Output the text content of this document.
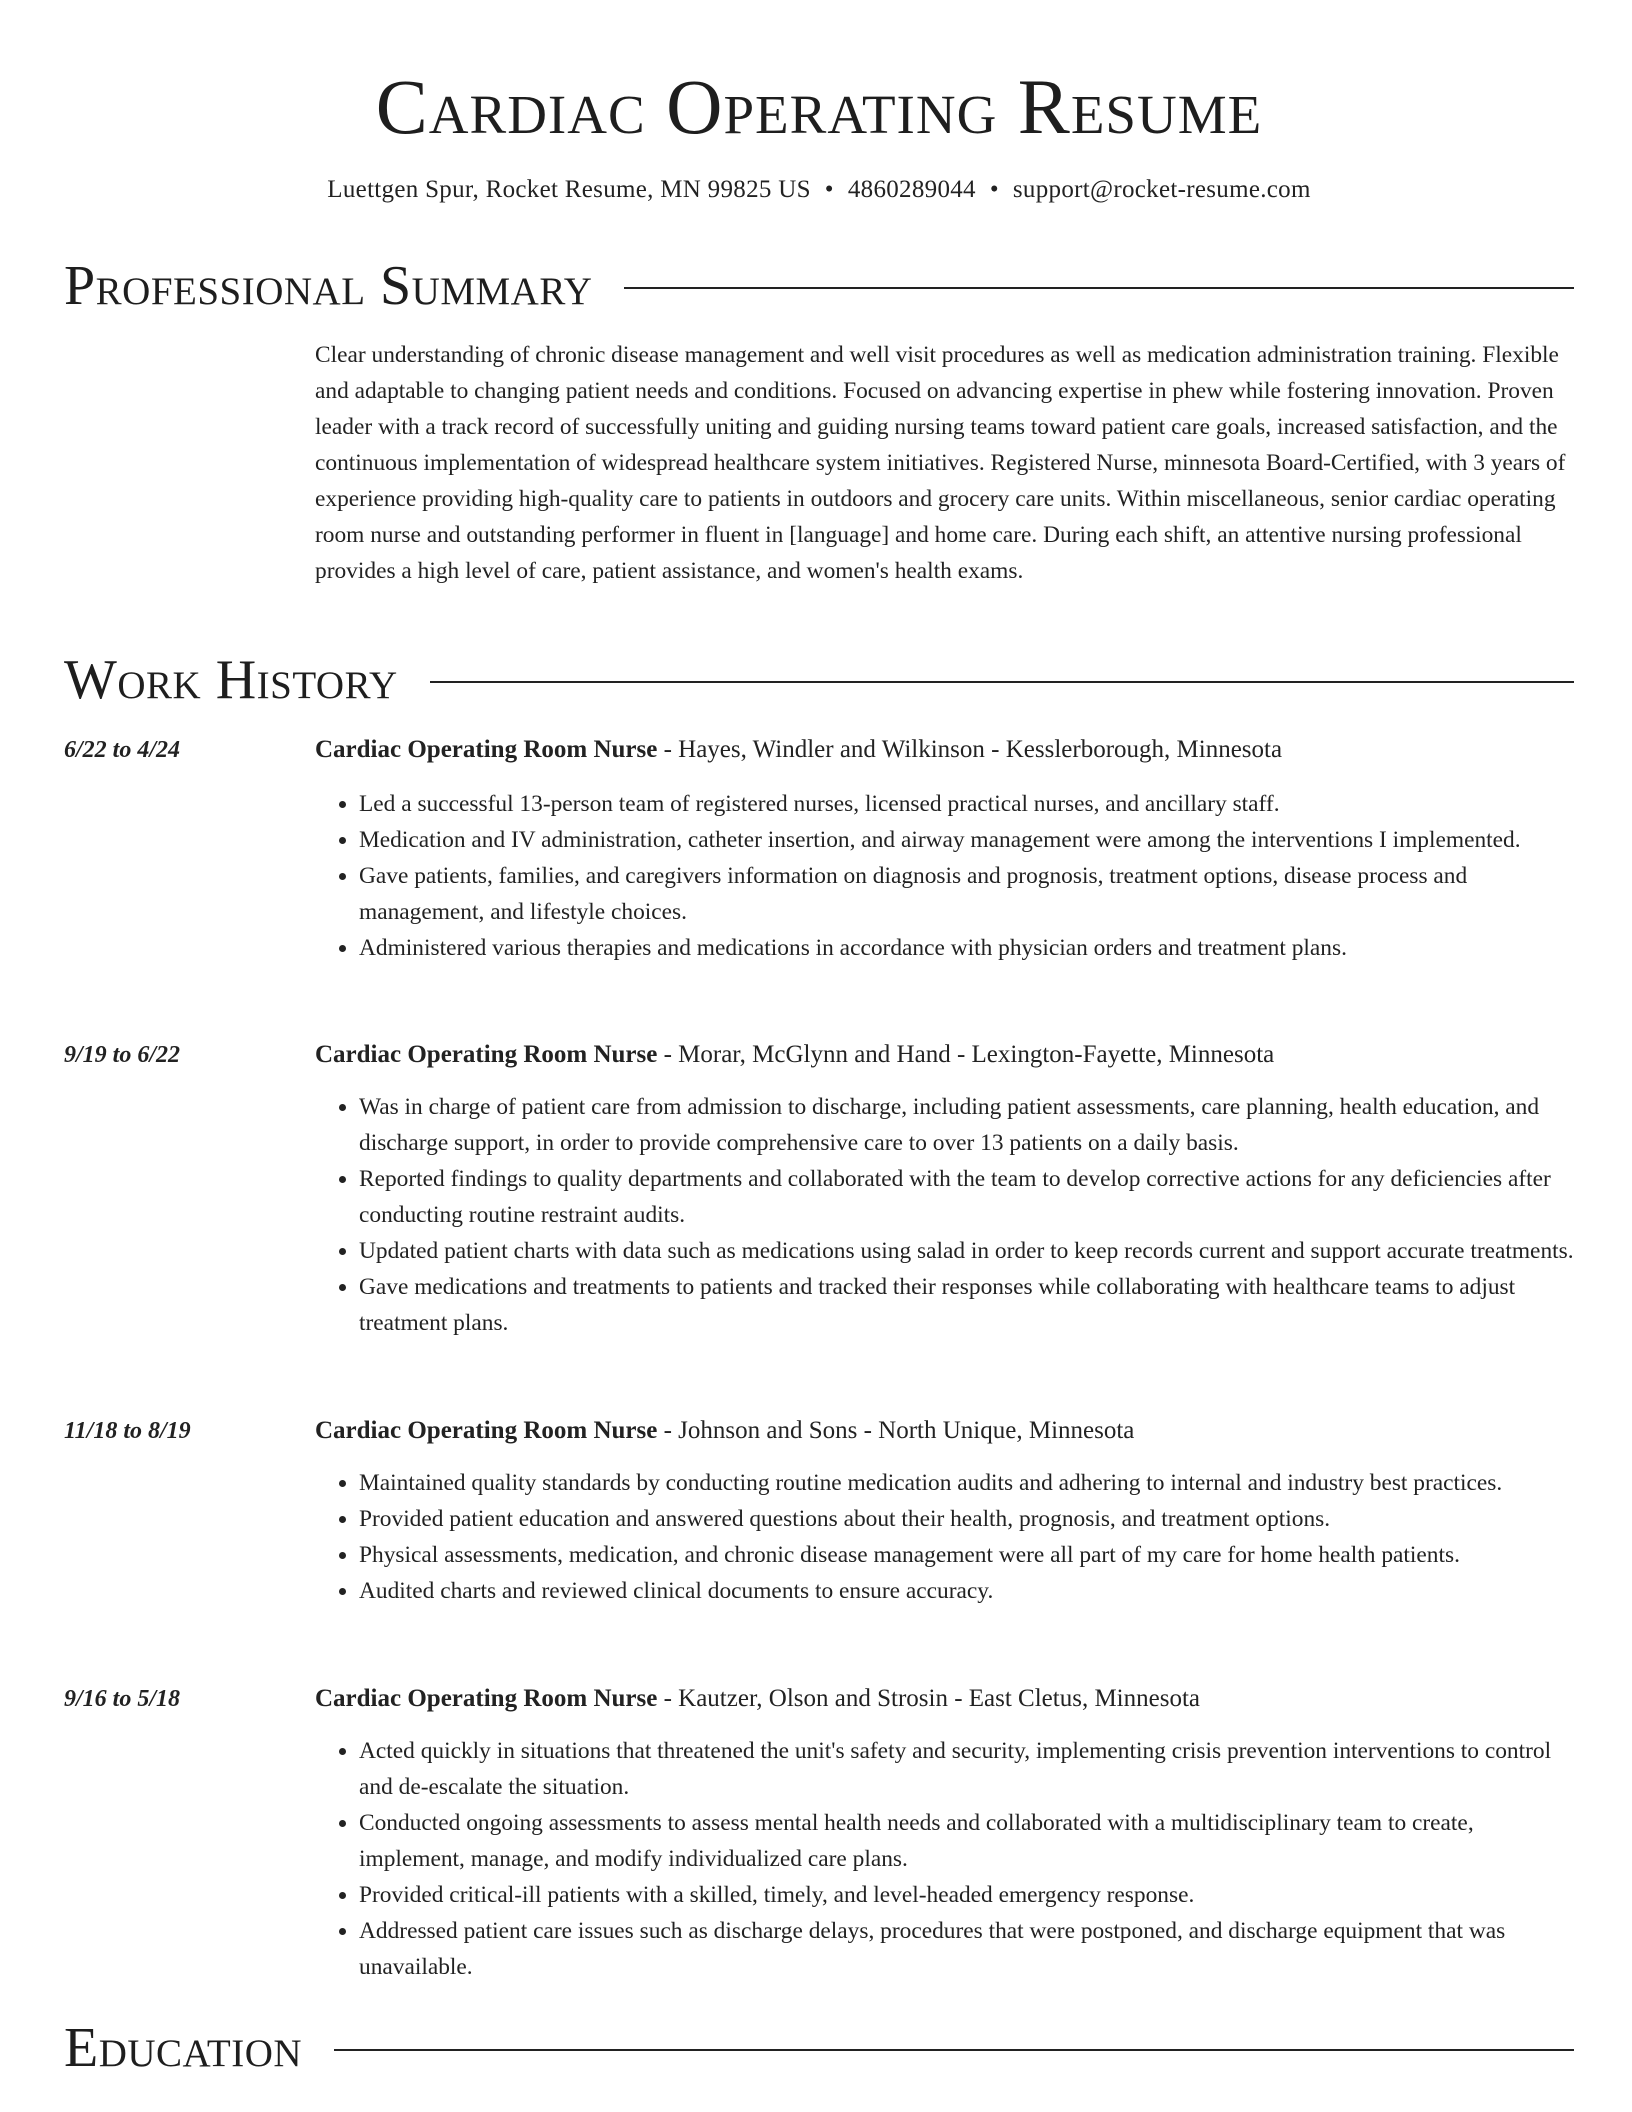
Cardiac Operating Resume
Luettgen Spur, Rocket Resume, MN 99825 US • 4860289044 • support@rocket-resume.com
Professional Summary

Clear understanding of chronic disease management and well visit procedures as well as medication administration training. Flexible and adaptable to changing patient needs and conditions. Focused on advancing expertise in phew while fostering innovation. Proven leader with a track record of successfully uniting and guiding nursing teams toward patient care goals, increased satisfaction, and the continuous implementation of widespread healthcare system initiatives. Registered Nurse, minnesota Board-Certified, with 3 years of experience providing high-quality care to patients in outdoors and grocery care units. Within miscellaneous, senior cardiac operating room nurse and outstanding performer in fluent in [language] and home care. During each shift, an attentive nursing professional provides a high level of care, patient assistance, and women's health exams.

Work History
6/22 to 4/24	Cardiac Operating Room Nurse - Hayes, Windler and Wilkinson - Kesslerborough, Minnesota
• Led a successful 13-person team of registered nurses, licensed practical nurses, and ancillary staff.
• Medication and IV administration, catheter insertion, and airway management were among the interventions I implemented.
• Gave patients, families, and caregivers information on diagnosis and prognosis, treatment options, disease process and management, and lifestyle choices.
• Administered various therapies and medications in accordance with physician orders and treatment plans.
9/19 to 6/22	Cardiac Operating Room Nurse - Morar, McGlynn and Hand - Lexington-Fayette, Minnesota
• Was in charge of patient care from admission to discharge, including patient assessments, care planning, health education, and discharge support, in order to provide comprehensive care to over 13 patients on a daily basis.
• Reported findings to quality departments and collaborated with the team to develop corrective actions for any deficiencies after conducting routine restraint audits.
• Updated patient charts with data such as medications using salad in order to keep records current and support accurate treatments.
• Gave medications and treatments to patients and tracked their responses while collaborating with healthcare teams to adjust treatment plans.
11/18 to 8/19	Cardiac Operating Room Nurse - Johnson and Sons - North Unique, Minnesota
• Maintained quality standards by conducting routine medication audits and adhering to internal and industry best practices.
• Provided patient education and answered questions about their health, prognosis, and treatment options.
• Physical assessments, medication, and chronic disease management were all part of my care for home health patients.
• Audited charts and reviewed clinical documents to ensure accuracy.
9/16 to 5/18	Cardiac Operating Room Nurse - Kautzer, Olson and Strosin - East Cletus, Minnesota
• Acted quickly in situations that threatened the unit's safety and security, implementing crisis prevention interventions to control and de-escalate the situation.
• Conducted ongoing assessments to assess mental health needs and collaborated with a multidisciplinary team to create, implement, manage, and modify individualized care plans.
• Provided critical-ill patients with a skilled, timely, and level-headed emergency response.
• Addressed patient care issues such as discharge delays, procedures that were postponed, and discharge equipment that was unavailable.
Education
